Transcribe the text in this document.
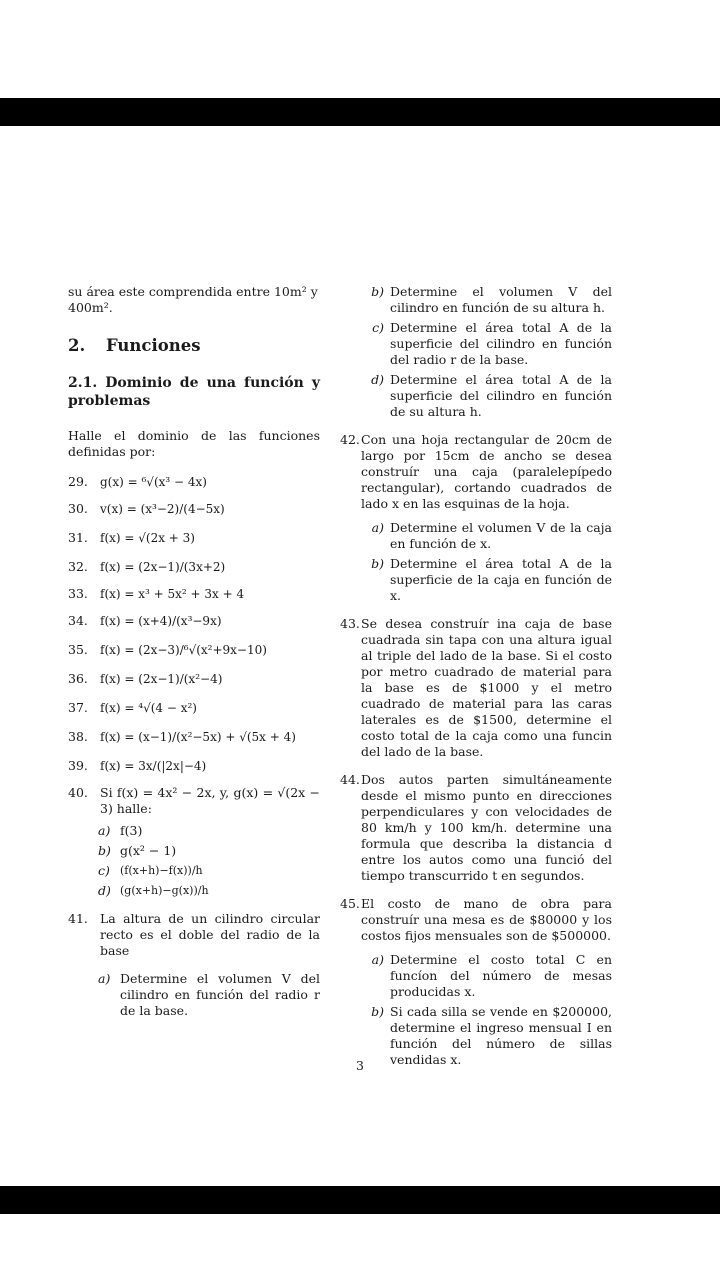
su área este comprendida entre 10m² y

400m².

2. Funciones
2.1. Dominio de una función y problemas

Halle el dominio de las funciones definidas por:

29.	g(x) = ⁶√(x³ − 4x)
30.	v(x) = (x³−2)/(4−5x)
31.	f(x) = √(2x + 3)
32.	f(x) = (2x−1)/(3x+2)
33.	f(x) = x³ + 5x² + 3x + 4
34.	f(x) = (x+4)/(x³−9x)
35.	f(x) = (2x−3)/⁶√(x²+9x−10)
36.	f(x) = (2x−1)/(x²−4)
37.	f(x) = ⁴√(4 − x²)
38.	f(x) = (x−1)/(x²−5x) + √(5x + 4)
39.	f(x) = 3x/(|2x|−4)
40. Si f(x) = 4x² − 2x, y, g(x) = √(2x − 3) halle:
a) f(3)
b) g(x² − 1)
c) (f(x+h)−f(x))/h
d) (g(x+h)−g(x))/h
41. La altura de un cilindro circular recto es el doble del radio de la base
a) Determine el volumen V del cilindro en función del radio r de la base.
b) Determine el volumen V del cilindro en función de su altura h.
c) Determine el área total A de la superficie del cilindro en función del radio r de la base.
d) Determine el área total A de la superficie del cilindro en función de su altura h.
42. Con una hoja rectangular de 20cm de largo por 15cm de ancho se desea construír una caja (paralelepípedo rectangular), cortando cuadrados de lado x en las esquinas de la hoja.
a) Determine el volumen V de la caja en función de x.
b) Determine el área total A de la superficie de la caja en función de x.
43. Se desea construír ina caja de base cuadrada sin tapa con una altura igual al triple del lado de la base. Si el costo por metro cuadrado de material para la base es de $1000 y el metro cuadrado de material para las caras laterales es de $1500, determine el costo total de la caja como una funcin del lado de la base.
44. Dos autos parten simultáneamente desde el mismo punto en direcciones perpendiculares y con velocidades de 80 km/h y 100 km/h. determine una formula que describa la distancia d entre los autos como una funció del tiempo transcurrido t en segundos.
45. El costo de mano de obra para construír una mesa es de $80000 y los costos fijos mensuales son de $500000.
a) Determine el costo total C en funcíon del número de mesas producidas x.
b) Si cada silla se vende en $200000, determine el ingreso mensual I en función del número de sillas vendidas x.
3
